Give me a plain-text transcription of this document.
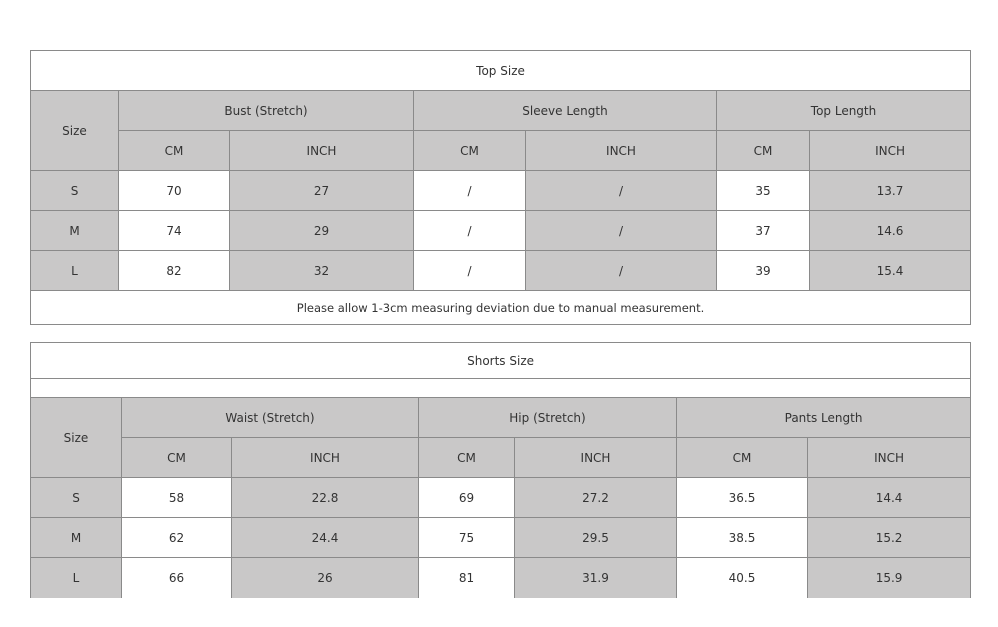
Top Size						
Size	Bust (Stretch)		Sleeve Length		Top Length	
	CM	INCH	CM	INCH	CM	INCH
S	70	27	/	/	35	13.7
M	74	29	/	/	37	14.6
L	82	32	/	/	39	15.4
Please allow 1-3cm measuring deviation due to manual measurement.						
Shorts Size						

Size	Waist (Stretch)		Hip (Stretch)		Pants Length	
	CM	INCH	CM	INCH	CM	INCH
S	58	22.8	69	27.2	36.5	14.4
M	62	24.4	75	29.5	38.5	15.2
L	66	26	81	31.9	40.5	15.9
